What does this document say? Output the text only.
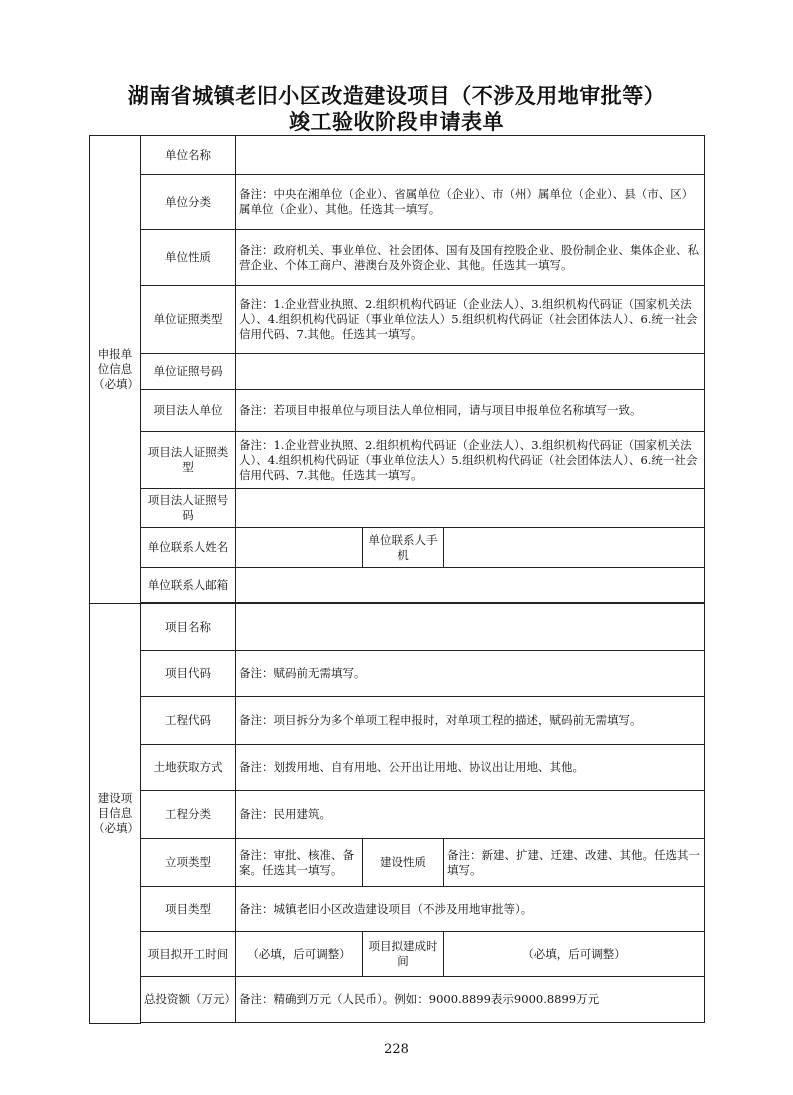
湖南省城镇老旧小区改造建设项目（不涉及用地审批等）
竣工验收阶段申请表单
申报单位信息（必填）	单位名称			
	单位分类	备注：中央在湘单位（企业）、省属单位（企业）、市（州）属单位（企业）、县（市、区）属单位（企业）、其他。任选其一填写。		
	单位性质	备注：政府机关、事业单位、社会团体、国有及国有控股企业、股份制企业、集体企业、私营企业、个体工商户、港澳台及外资企业、其他。任选其一填写。		
	单位证照类型	备注：1.企业营业执照、2.组织机构代码证（企业法人）、3.组织机构代码证（国家机关法人）、4.组织机构代码证（事业单位法人）5.组织机构代码证（社会团体法人）、6.统一社会信用代码、7.其他。任选其一填写。		
	单位证照号码			
	项目法人单位	备注：若项目申报单位与项目法人单位相同，请与项目申报单位名称填写一致。		
	项目法人证照类型	备注：1.企业营业执照、2.组织机构代码证（企业法人）、3.组织机构代码证（国家机关法人）、4.组织机构代码证（事业单位法人）5.组织机构代码证（社会团体法人）、6.统一社会信用代码、7.其他。任选其一填写。		
	项目法人证照号码			
	单位联系人姓名		单位联系人手机	
	单位联系人邮箱			

建设项目信息（必填）	项目名称			
	项目代码	备注：赋码前无需填写。		
	工程代码	备注：项目拆分为多个单项工程申报时，对单项工程的描述，赋码前无需填写。		
	土地获取方式	备注：划拨用地、自有用地、公开出让用地、协议出让用地、其他。		
	工程分类	备注：民用建筑。		
	立项类型	备注：审批、核准、备案。任选其一填写。	建设性质	备注：新建、扩建、迁建、改建、其他。任选其一填写。
	项目类型	备注：城镇老旧小区改造建设项目（不涉及用地审批等）。		
	项目拟开工时间	（必填，后可调整）	项目拟建成时间	（必填，后可调整）
	总投资额（万元）	备注：精确到万元（人民币）。例如：9000.8899表示9000.8899万元		

228
